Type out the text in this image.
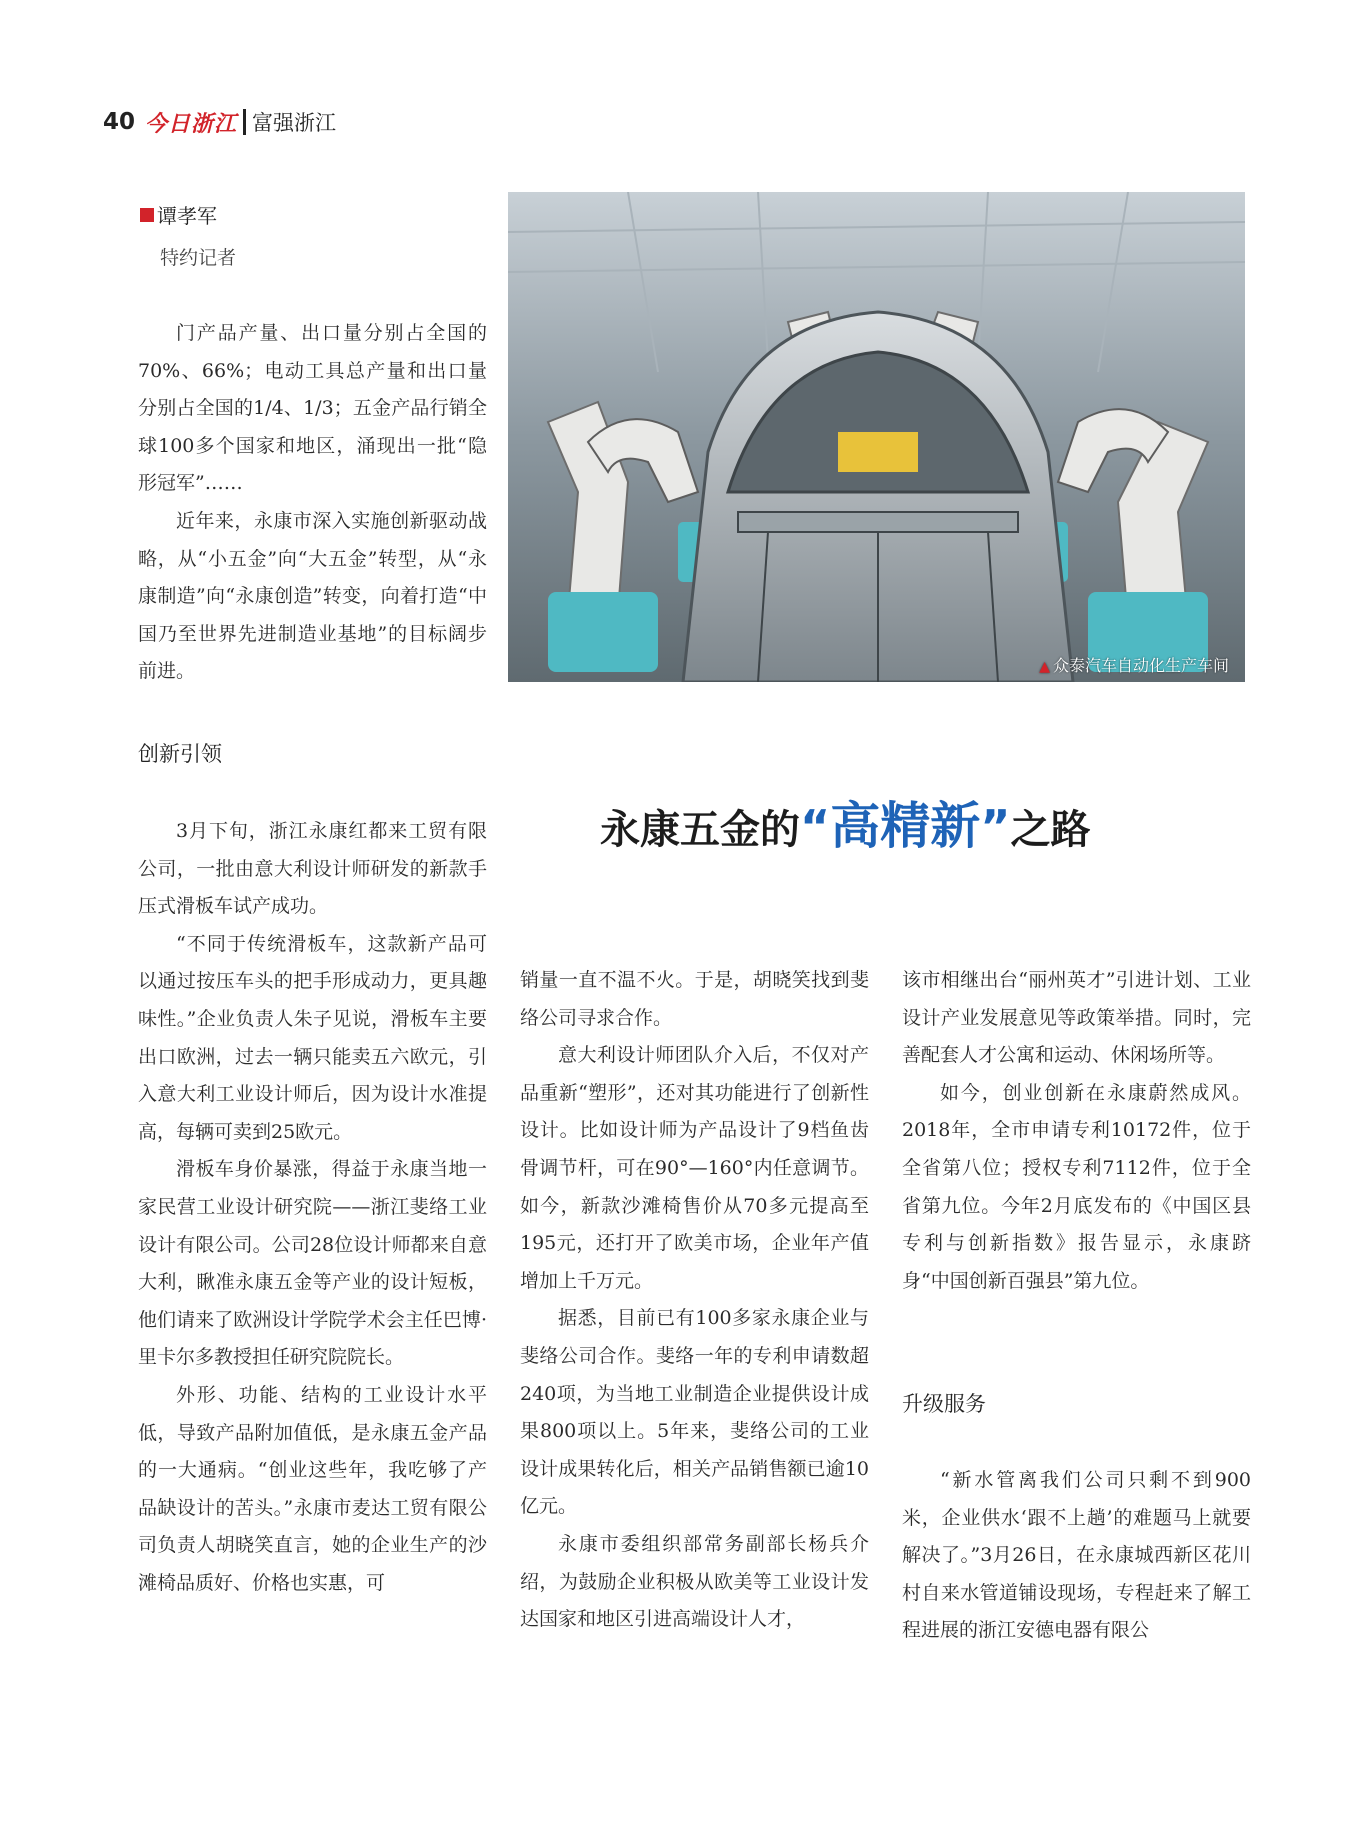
40 今日浙江 富强浙江
谭孝军
特约记者

门产品产量、出口量分别占全国的70%、66%；电动工具总产量和出口量分别占全国的1/4、1/3；五金产品行销全球100多个国家和地区，涌现出一批“隐形冠军”……

近年来，永康市深入实施创新驱动战略，从“小五金”向“大五金”转型，从“永康制造”向“永康创造”转变，向着打造“中国乃至世界先进制造业基地”的目标阔步前进。	▲ 众泰汽车自动化生产车间
创新引领
永康五金的“高精新”之路

3月下旬，浙江永康红都来工贸有限公司，一批由意大利设计师研发的新款手压式滑板车试产成功。

“不同于传统滑板车，这款新产品可以通过按压车头的把手形成动力，更具趣味性。”企业负责人朱子见说，滑板车主要出口欧洲，过去一辆只能卖五六欧元，引入意大利工业设计师后，因为设计水准提高，每辆可卖到25欧元。

滑板车身价暴涨，得益于永康当地一家民营工业设计研究院——浙江斐络工业设计有限公司。公司28位设计师都来自意大利，瞅准永康五金等产业的设计短板，他们请来了欧洲设计学院学术会主任巴博·里卡尔多教授担任研究院院长。

外形、功能、结构的工业设计水平低，导致产品附加值低，是永康五金产品的一大通病。“创业这些年，我吃够了产品缺设计的苦头。”永康市麦达工贸有限公司负责人胡晓笑直言，她的企业生产的沙滩椅品质好、价格也实惠，可

销量一直不温不火。于是，胡晓笑找到斐络公司寻求合作。

意大利设计师团队介入后，不仅对产品重新“塑形”，还对其功能进行了创新性设计。比如设计师为产品设计了9档鱼齿骨调节杆，可在90°—160°内任意调节。如今，新款沙滩椅售价从70多元提高至195元，还打开了欧美市场，企业年产值增加上千万元。

据悉，目前已有100多家永康企业与斐络公司合作。斐络一年的专利申请数超240项，为当地工业制造企业提供设计成果800项以上。5年来，斐络公司的工业设计成果转化后，相关产品销售额已逾10亿元。

永康市委组织部常务副部长杨兵介绍，为鼓励企业积极从欧美等工业设计发达国家和地区引进高端设计人才，

该市相继出台“丽州英才”引进计划、工业设计产业发展意见等政策举措。同时，完善配套人才公寓和运动、休闲场所等。

如今，创业创新在永康蔚然成风。2018年，全市申请专利10172件，位于全省第八位；授权专利7112件，位于全省第九位。今年2月底发布的《中国区县专利与创新指数》报告显示，永康跻身“中国创新百强县”第九位。

升级服务

“新水管离我们公司只剩不到900米，企业供水‘跟不上趟’的难题马上就要解决了。”3月26日，在永康城西新区花川村自来水管道铺设现场，专程赶来了解工程进展的浙江安德电器有限公
